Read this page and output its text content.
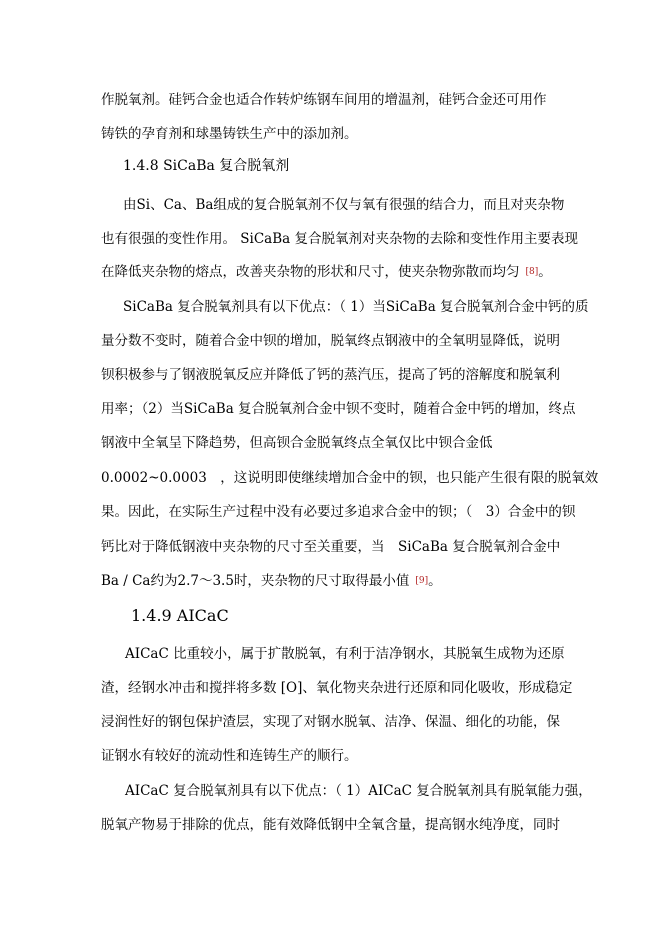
作脱氧剂。硅钙合金也适合作转炉练钢车间用的增温剂，硅钙合金还可用作
铸铁的孕育剂和球墨铸铁生产中的添加剂。
1.4.8 SiCaBa 复合脱氧剂
由Si、Ca、Ba组成的复合脱氧剂不仅与氧有很强的结合力，而且对夹杂物
也有很强的变性作用。 SiCaBa 复合脱氧剂对夹杂物的去除和变性作用主要表现
在降低夹杂物的熔点，改善夹杂物的形状和尺寸，使夹杂物弥散而均匀 [8]。
SiCaBa 复合脱氧剂具有以下优点：（ 1）当SiCaBa 复合脱氧剂合金中钙的质
量分数不变时，随着合金中钡的增加，脱氧终点钢液中的全氧明显降低，说明
钡积极参与了钢液脱氧反应并降低了钙的蒸汽压，提高了钙的溶解度和脱氧利
用率；（2）当SiCaBa 复合脱氧剂合金中钡不变时，随着合金中钙的增加，终点
钢液中全氧呈下降趋势，但高钡合金脱氧终点全氧仅比中钡合金低
0.0002~0.0003　，这说明即使继续增加合金中的钡，也只能产生很有限的脱氧效
果。因此，在实际生产过程中没有必要过多追求合金中的钡；（　3）合金中的钡
钙比对于降低钢液中夹杂物的尺寸至关重要，当　SiCaBa 复合脱氧剂合金中
Ba / Ca约为2.7～3.5时，夹杂物的尺寸取得最小值 [9]。
1.4.9 AICaC
AICaC 比重较小，属于扩散脱氧，有利于洁净钢水，其脱氧生成物为还原
渣，经钢水冲击和搅拌将多数 [O]、氧化物夹杂进行还原和同化吸收，形成稳定
浸润性好的钢包保护渣层，实现了对钢水脱氧、洁净、保温、细化的功能，保
证钢水有较好的流动性和连铸生产的顺行。
AICaC 复合脱氧剂具有以下优点：（ 1）AICaC 复合脱氧剂具有脱氧能力强，
脱氧产物易于排除的优点，能有效降低钢中全氧含量，提高钢水纯净度，同时
